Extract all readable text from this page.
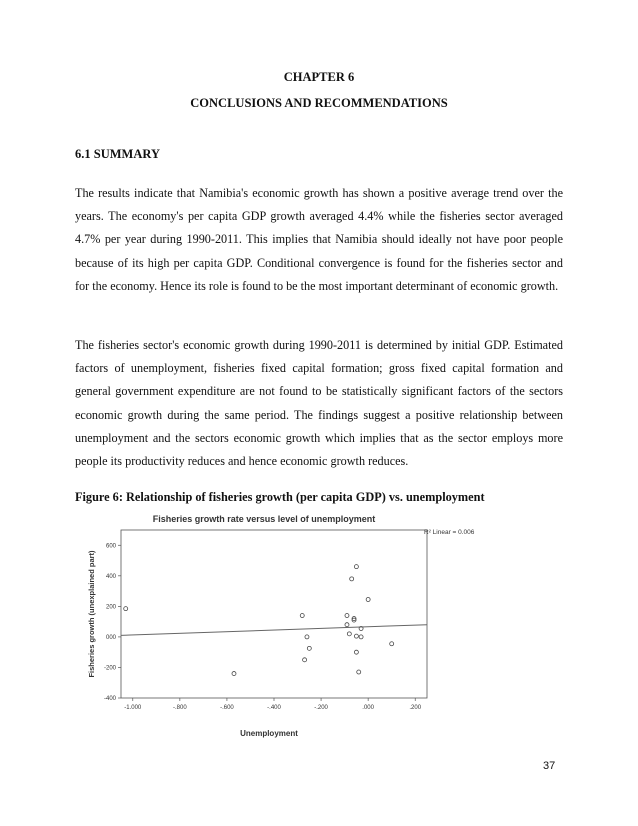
CHAPTER 6
CONCLUSIONS AND RECOMMENDATIONS
6.1 SUMMARY

The results indicate that Namibia's economic growth has shown a positive average trend over the years. The economy's per capita GDP growth averaged 4.4% while the fisheries sector averaged 4.7% per year during 1990-2011. This implies that Namibia should ideally not have poor people because of its high per capita GDP. Conditional convergence is found for the fisheries sector and for the economy. Hence its role is found to be the most important determinant of economic growth.

The fisheries sector's economic growth during 1990-2011 is determined by initial GDP. Estimated factors of unemployment, fisheries fixed capital formation; gross fixed capital formation and general government expenditure are not found to be statistically significant factors of the sectors economic growth during the same period. The findings suggest a positive relationship between unemployment and the sectors economic growth which implies that as the sector employs more people its productivity reduces and hence economic growth reduces.

Figure 6: Relationship of fisheries growth (per capita GDP) vs. unemployment
Fisheries growth rate versus level of unemployment
R² Linear = 0.006
Unemployment
Fisheries growth (unexplained part)
-1.000	-.800	-.600	-.400	-.200	.000	.200
-400
-200
000
200
400
600
37
